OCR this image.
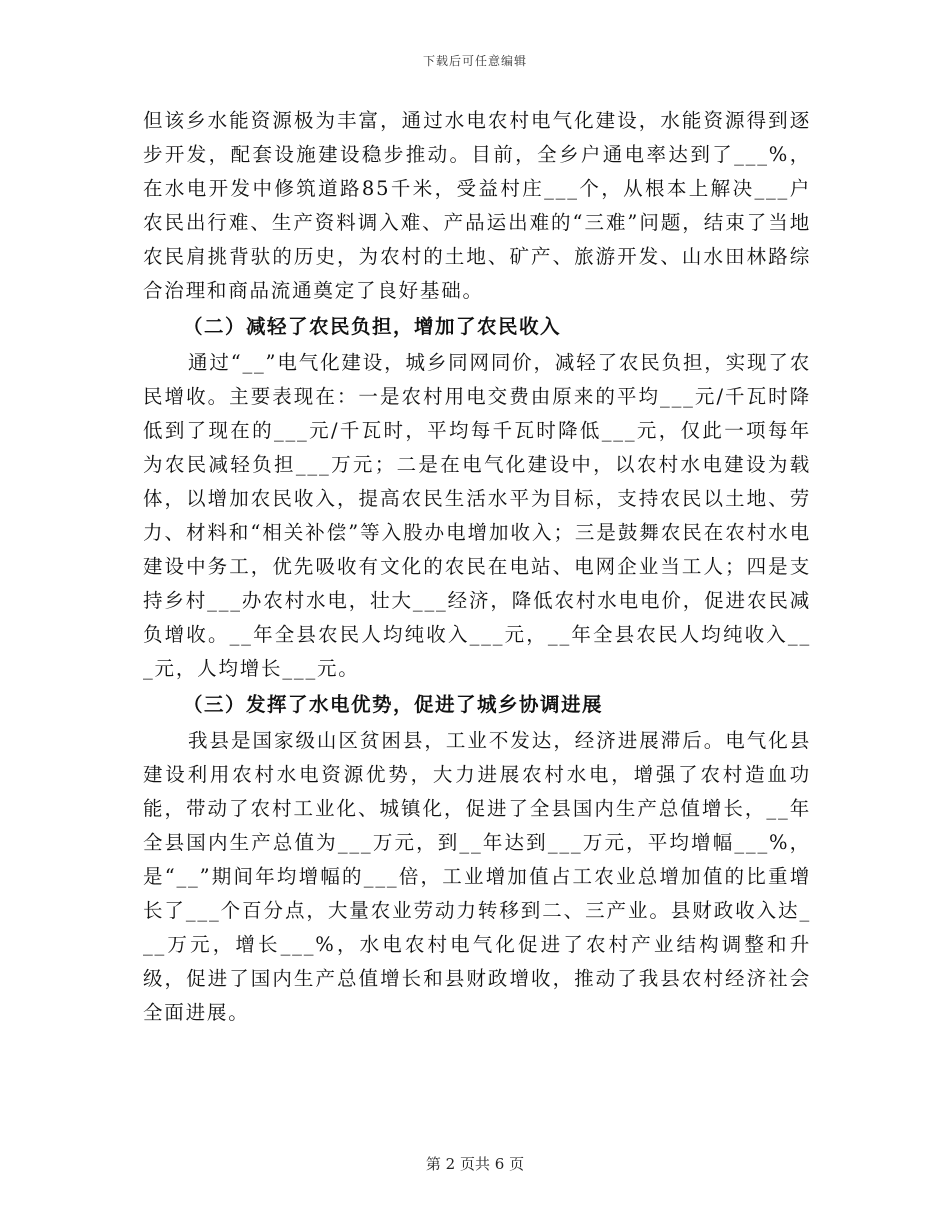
下载后可任意编辑

但该乡水能资源极为丰富，通过水电农村电气化建设，水能资源得到逐步开发，配套设施建设稳步推动。目前，全乡户通电率达到了___%，在水电开发中修筑道路85千米，受益村庄___个，从根本上解决___户农民出行难、生产资料调入难、产品运出难的“三难”问题，结束了当地农民肩挑背驮的历史，为农村的土地、矿产、旅游开发、山水田林路综合治理和商品流通奠定了良好基础。

（二）减轻了农民负担，增加了农民收入

通过“__”电气化建设，城乡同网同价，减轻了农民负担，实现了农民增收。主要表现在：一是农村用电交费由原来的平均___元/千瓦时降低到了现在的___元/千瓦时，平均每千瓦时降低___元，仅此一项每年为农民减轻负担___万元；二是在电气化建设中，以农村水电建设为载体，以增加农民收入，提高农民生活水平为目标，支持农民以土地、劳力、材料和“相关补偿”等入股办电增加收入；三是鼓舞农民在农村水电建设中务工，优先吸收有文化的农民在电站、电网企业当工人；四是支持乡村___办农村水电，壮大___经济，降低农村水电电价，促进农民减负增收。__年全县农民人均纯收入___元，__年全县农民人均纯收入___元，人均增长___元。

（三）发挥了水电优势，促进了城乡协调进展

我县是国家级山区贫困县，工业不发达，经济进展滞后。电气化县建设利用农村水电资源优势，大力进展农村水电，增强了农村造血功能，带动了农村工业化、城镇化，促进了全县国内生产总值增长，__年全县国内生产总值为___万元，到__年达到___万元，平均增幅___%，是“__”期间年均增幅的___倍，工业增加值占工农业总增加值的比重增长了___个百分点，大量农业劳动力转移到二、三产业。县财政收入达___万元，增长___%，水电农村电气化促进了农村产业结构调整和升级，促进了国内生产总值增长和县财政增收，推动了我县农村经济社会全面进展。

第 2 页共 6 页
